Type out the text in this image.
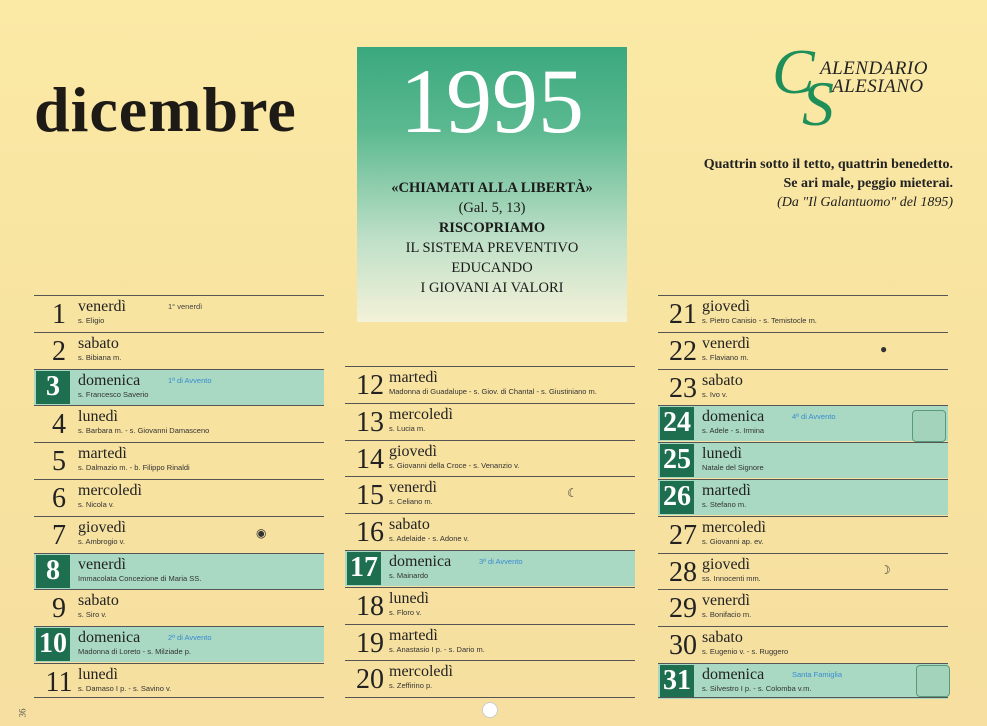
dicembre	1995
«CHIAMATI ALLA LIBERTÀ»
(Gal. 5, 13)
RISCOPRIAMO
IL SISTEMA PREVENTIVO
EDUCANDO
I GIOVANI AI VALORI
C
S
ALENDARIO
ALESIANO
Quattrin sotto il tetto, quattrin benedetto.
Se ari male, peggio mieterai.
(Da "Il Galantuomo" del 1895)
1 venerdì
s. Eligio
1° venerdì
2 sabato
s. Bibiana m.
3	domenica
s. Francesco Saverio
1ª di Avvento
4 lunedì
s. Barbara m. - s. Giovanni Damasceno
5 martedì
s. Dalmazio m. - b. Filippo Rinaldi
6 mercoledì
s. Nicola v.
7 giovedì
s. Ambrogio v.
◉
8	venerdì
Immacolata Concezione di Maria SS.
9 sabato
s. Siro v.
10 domenica
Madonna di Loreto - s. Milziade p.
2ª di Avvento
11 lunedì
s. Damaso I p. - s. Savino v.
12 martedì
Madonna di Guadalupe - s. Giov. di Chantal - s. Giustiniano m.
13 mercoledì
s. Lucia m.
14 giovedì
s. Giovanni della Croce - s. Venanzio v.
15 venerdì
s. Celiano m.
☾
16 sabato
s. Adelaide - s. Adone v.
17 domenica
s. Mainardo
3ª di Avvento
18 lunedì
s. Floro v.
19 martedì
s. Anastasio I p. - s. Dario m.
20 mercoledì
s. Zeffirino p.
21 giovedì
s. Pietro Canisio - s. Temistocle m.
22 venerdì
s. Flaviano m.
●
23 sabato
s. Ivo v.
24 domenica
s. Adele - s. Irmina
4ª di Avvento
25 lunedì
Natale del Signore
26 martedì
s. Stefano m.
27 mercoledì
s. Giovanni ap. ev.
28 giovedì
ss. Innocenti mm.
☽
29 venerdì
s. Bonifacio m.
30 sabato
s. Eugenio v. - s. Ruggero
31 domenica
s. Silvestro I p. - s. Colomba v.m.
Santa Famiglia
36
